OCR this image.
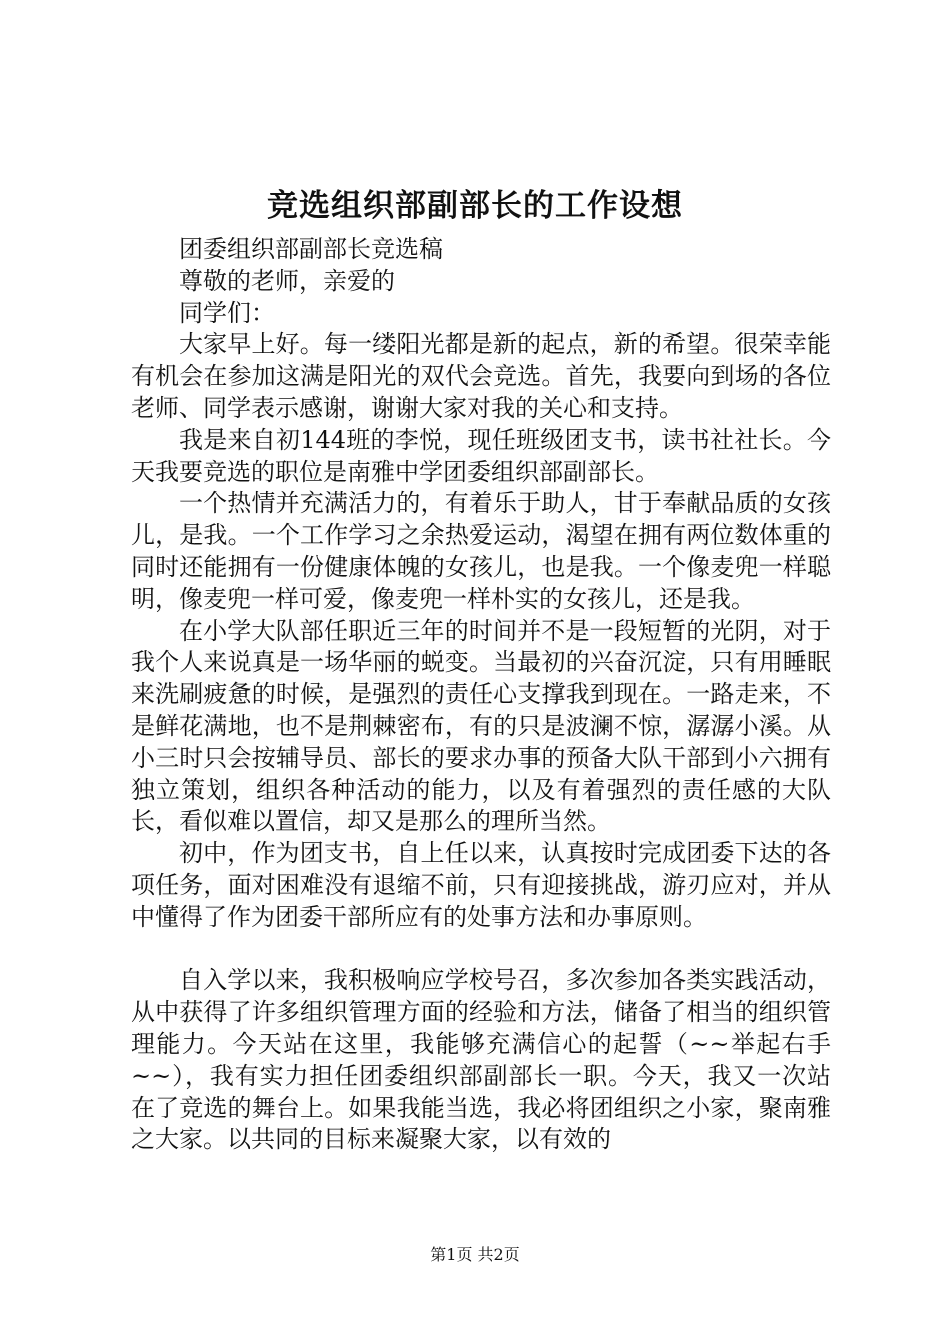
竞选组织部副部长的工作设想

团委组织部副部长竞选稿

尊敬的老师，亲爱的

同学们：

大家早上好。每一缕阳光都是新的起点，新的希望。很荣幸能有机会在参加这满是阳光的双代会竞选。首先，我要向到场的各位老师、同学表示感谢，谢谢大家对我的关心和支持。

我是来自初144班的李悦，现任班级团支书，读书社社长。今天我要竞选的职位是南雅中学团委组织部副部长。

一个热情并充满活力的，有着乐于助人，甘于奉献品质的女孩儿，是我。一个工作学习之余热爱运动，渴望在拥有两位数体重的同时还能拥有一份健康体魄的女孩儿，也是我。一个像麦兜一样聪明，像麦兜一样可爱，像麦兜一样朴实的女孩儿，还是我。

在小学大队部任职近三年的时间并不是一段短暂的光阴，对于我个人来说真是一场华丽的蜕变。当最初的兴奋沉淀，只有用睡眠来洗刷疲惫的时候，是强烈的责任心支撑我到现在。一路走来，不是鲜花满地，也不是荆棘密布，有的只是波澜不惊，潺潺小溪。从小三时只会按辅导员、部长的要求办事的预备大队干部到小六拥有独立策划，组织各种活动的能力，以及有着强烈的责任感的大队长，看似难以置信，却又是那么的理所当然。

初中，作为团支书，自上任以来，认真按时完成团委下达的各项任务，面对困难没有退缩不前，只有迎接挑战，游刃应对，并从中懂得了作为团委干部所应有的处事方法和办事原则。

自入学以来，我积极响应学校号召，多次参加各类实践活动，从中获得了许多组织管理方面的经验和方法，储备了相当的组织管理能力。今天站在这里，我能够充满信心的起誓（~~举起右手~~），我有实力担任团委组织部副部长一职。今天，我又一次站在了竞选的舞台上。如果我能当选，我必将团组织之小家，聚南雅之大家。以共同的目标来凝聚大家，以有效的

第1页 共2页
